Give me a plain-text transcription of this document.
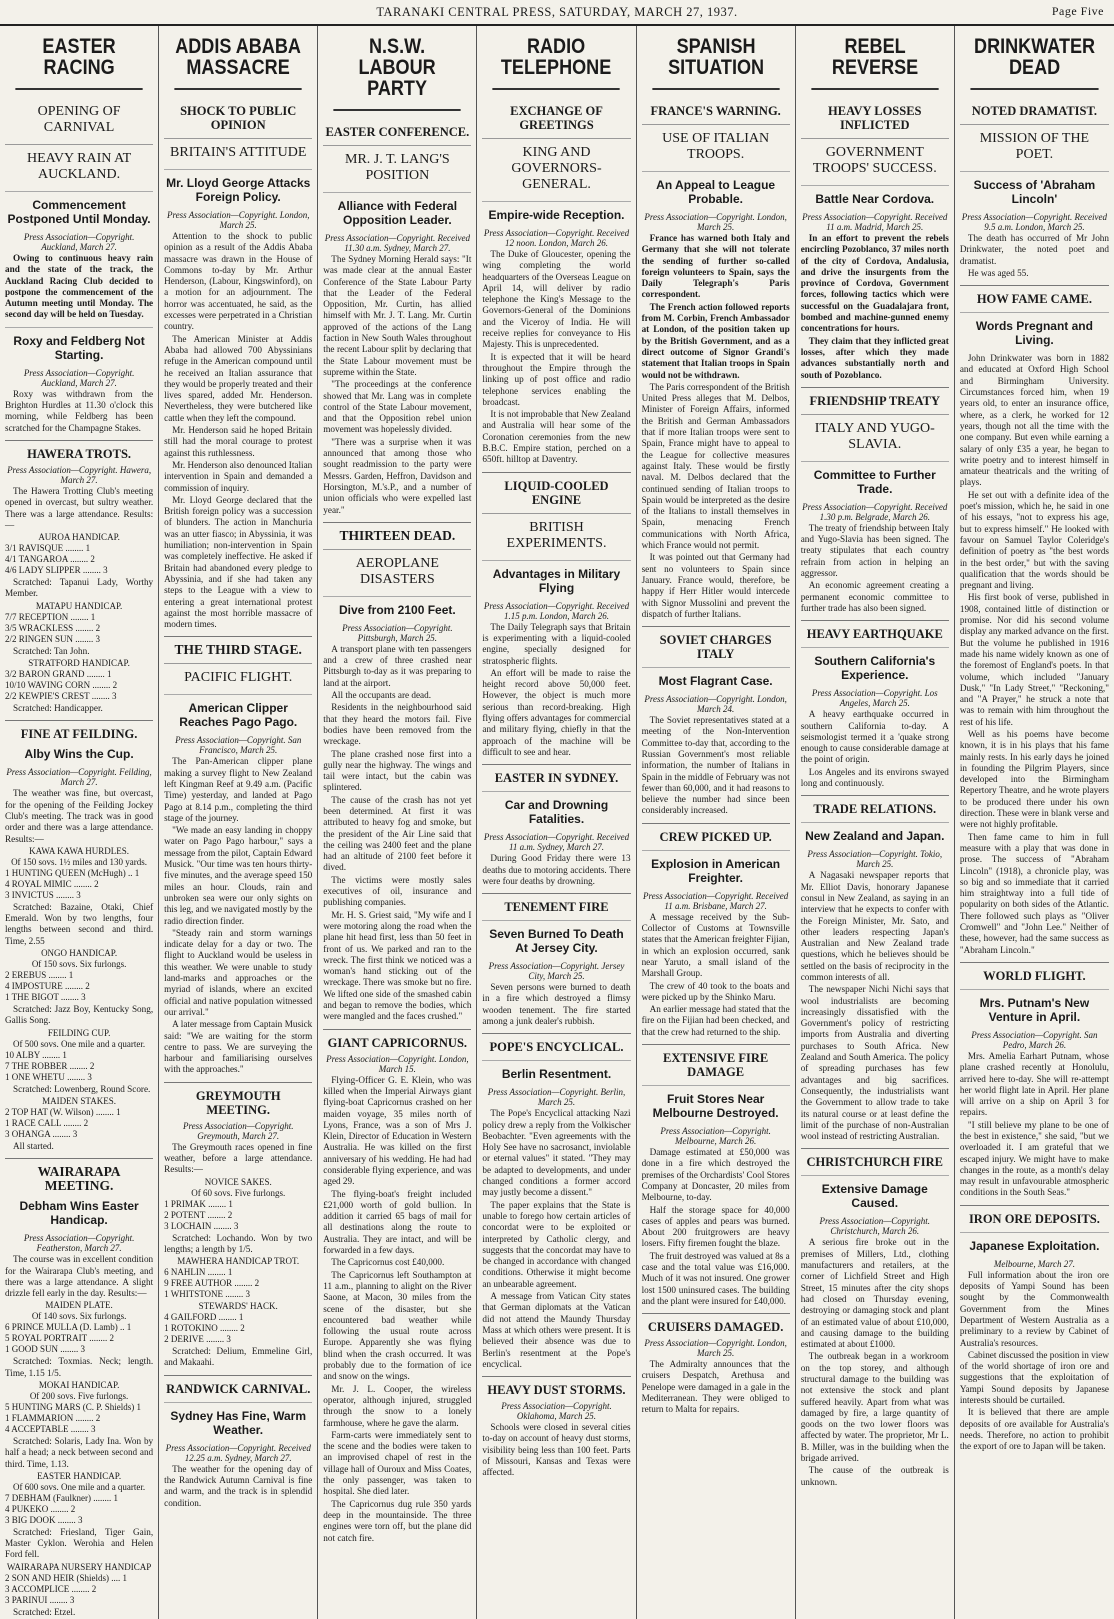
TARANAKI CENTRAL PRESS, SATURDAY, MARCH 27, 1937.	Page Five
EASTER RACING
OPENING OF CARNIVAL
HEAVY RAIN AT AUCKLAND.
Commencement Postponed Until Monday.
Press Association—Copyright. Auckland, March 27.

Owing to continuous heavy rain and the state of the track, the Auckland Racing Club decided to postpone the commencement of the Autumn meeting until Monday. The second day will be held on Tuesday.

Roxy and Feldberg Not Starting.
Press Association—Copyright. Auckland, March 27.

Roxy was withdrawn from the Brighton Hurdles at 11.30 o'clock this morning, while Feldberg has been scratched for the Champagne Stakes.

HAWERA TROTS.
Press Association—Copyright. Hawera, March 27.

The Hawera Trotting Club's meeting opened in overcast, but sultry weather. There was a large attendance. Results:—

AUROA HANDICAP.

3/1 RAVISQUE ........ 1

4/1 TANGAROA ........ 2

4/6 LADY SLIPPER ........ 3

Scratched: Tapanui Lady, Worthy Member.

MATAPU HANDICAP.

7/7 RECEPTION ........ 1

3/5 WRACKLESS ........ 2

2/2 RINGEN SUN ........ 3

Scratched: Tan John.

STRATFORD HANDICAP.

3/2 BARON GRAND ........ 1

10/10 WAVING CORN ........ 2

2/2 KEWPIE'S CREST ........ 3

Scratched: Handicapper.

FINE AT FEILDING.
Alby Wins the Cup.
Press Association—Copyright. Feilding, March 27.

The weather was fine, but overcast, for the opening of the Feilding Jockey Club's meeting. The track was in good order and there was a large attendance. Results:—

KAWA KAWA HURDLES.

Of 150 sovs. 1½ miles and 130 yards.

1 HUNTING QUEEN (McHugh) .. 1

4 ROYAL MIMIC ........ 2

3 INVICTUS ........ 3

Scratched: Bazaine, Otaki, Chief Emerald. Won by two lengths, four lengths between second and third. Time, 2.55

ONGO HANDICAP.

Of 150 sovs. Six furlongs.

2 EREBUS ........ 1

4 IMPOSTURE ........ 2

1 THE BIGOT ........ 3

Scratched: Jazz Boy, Kentucky Song, Gallis Song.

FEILDING CUP.

Of 500 sovs. One mile and a quarter.

10 ALBY ........ 1

7 THE ROBBER ........ 2

1 ONE WHETU ........ 3

Scratched: Lowenberg, Round Score.

MAIDEN STAKES.

2 TOP HAT (W. Wilson) ........ 1

1 RACE CALL ........ 2

3 OHANGA ........ 3

All started.

WAIRARAPA MEETING.
Debham Wins Easter Handicap.
Press Association—Copyright. Featherston, March 27.

The course was in excellent condition for the Wairarapa Club's meeting, and there was a large attendance. A slight drizzle fell early in the day. Results:—

MAIDEN PLATE.

Of 140 sovs. Six furlongs.

6 PRINCE MULLA (D. Lamb) .. 1

5 ROYAL PORTRAIT ........ 2

1 GOOD SUN ........ 3

Scratched: Toxmias. Neck; length. Time, 1.15 1/5.

MOKAI HANDICAP.

Of 200 sovs. Five furlongs.

5 HUNTING MARS (C. P. Shields) 1

1 FLAMMARION ........ 2

4 ACCEPTABLE ........ 3

Scratched: Solaris, Lady Ina. Won by half a head; a neck between second and third. Time, 1.13.

EASTER HANDICAP.

Of 600 sovs. One mile and a quarter.

7 DEBHAM (Faulkner) ........ 1

4 PUKEKO ........ 2

3 BIG DOOK ........ 3

Scratched: Friesland, Tiger Gain, Master Cyklon. Werohia and Helen Ford fell.

WAIRARAPA NURSERY HANDICAP

2 SON AND HEIR (Shields) .... 1

3 ACCOMPLICE ........ 2

3 PARINUI ........ 3

Scratched: Etzel.

ADDIS ABABA MASSACRE
SHOCK TO PUBLIC OPINION
BRITAIN'S ATTITUDE
Mr. Lloyd George Attacks Foreign Policy.
Press Association—Copyright. London, March 25.

Attention to the shock to public opinion as a result of the Addis Ababa massacre was drawn in the House of Commons to-day by Mr. Arthur Henderson, (Labour, Kingswinford), on a motion for an adjournment. The horror was accentuated, he said, as the excesses were perpetrated in a Christian country.

The American Minister at Addis Ababa had allowed 700 Abyssinians refuge in the American compound until he received an Italian assurance that they would be properly treated and their lives spared, added Mr. Henderson. Nevertheless, they were butchered like cattle when they left the compound.

Mr. Henderson said he hoped Britain still had the moral courage to protest against this ruthlessness.

Mr. Henderson also denounced Italian intervention in Spain and demanded a commission of inquiry.

Mr. Lloyd George declared that the British foreign policy was a succession of blunders. The action in Manchuria was an utter fiasco; in Abyssinia, it was humiliation; non-intervention in Spain was completely ineffective. He asked if Britain had abandoned every pledge to Abyssinia, and if she had taken any steps to the League with a view to entering a great international protest against the most horrible massacre of modern times.

THE THIRD STAGE.
PACIFIC FLIGHT.
American Clipper Reaches Pago Pago.
Press Association—Copyright. San Francisco, March 25.

The Pan-American clipper plane making a survey flight to New Zealand left Kingman Reef at 9.49 a.m. (Pacific Time) yesterday, and landed at Pago Pago at 8.14 p.m., completing the third stage of the journey.

"We made an easy landing in choppy water on Pago Pago harbour," says a message from the pilot, Captain Edward Musick. "Our time was ten hours thirty-five minutes, and the average speed 150 miles an hour. Clouds, rain and unbroken sea were our only sights on this leg, and we navigated mostly by the radio direction finder.

"Steady rain and storm warnings indicate delay for a day or two. The flight to Auckland would be useless in this weather. We were unable to study land-marks and approaches or the myriad of islands, where an excited official and native population witnessed our arrival."

A later message from Captain Musick said: "We are waiting for the storm centre to pass. We are surveying the harbour and familiarising ourselves with the approaches."

GREYMOUTH MEETING.
Press Association—Copyright. Greymouth, March 27.

The Greymouth races opened in fine weather, before a large attendance. Results:—

NOVICE SAKES.

Of 60 sovs. Five furlongs.

1 PRIMAK ........ 1

2 POTENT ........ 2

3 LOCHAIN ........ 3

Scratched: Lochando. Won by two lengths; a length by 1/5.

MAWHERA HANDICAP TROT.

6 NAHLIN ........ 1

9 FREE AUTHOR ........ 2

1 WHITSTONE ........ 3

STEWARDS' HACK.

4 GAILFORD ........ 1

1 ROTOKINO ........ 2

2 DERIVE ........ 3

Scratched: Delium, Emmeline Girl, and Makaahi.

RANDWICK CARNIVAL.
Sydney Has Fine, Warm Weather.
Press Association—Copyright. Received 12.25 a.m. Sydney, March 27.

The weather for the opening day of the Randwick Autumn Carnival is fine and warm, and the track is in splendid condition.

N.S.W. LABOUR PARTY
EASTER CONFERENCE.
MR. J. T. LANG'S POSITION
Alliance with Federal Opposition Leader.
Press Association—Copyright. Received 11.30 a.m. Sydney, March 27.

The Sydney Morning Herald says: "It was made clear at the annual Easter Conference of the State Labour Party that the Leader of the Federal Opposition, Mr. Curtin, has allied himself with Mr. J. T. Lang. Mr. Curtin approved of the actions of the Lang faction in New South Wales throughout the recent Labour split by declaring that the State Labour movement must be supreme within the State.

"The proceedings at the conference showed that Mr. Lang was in complete control of the State Labour movement, and that the Opposition rebel union movement was hopelessly divided.

"There was a surprise when it was announced that among those who sought readmission to the party were Messrs. Garden, Heffron, Davidson and Horsington, M.'s.P., and a number of union officials who were expelled last year."

THIRTEEN DEAD.
AEROPLANE DISASTERS
Dive from 2100 Feet.
Press Association—Copyright. Pittsburgh, March 25.

A transport plane with ten passengers and a crew of three crashed near Pittsburgh to-day as it was preparing to land at the airport.

All the occupants are dead.

Residents in the neighbourhood said that they heard the motors fail. Five bodies have been removed from the wreckage.

The plane crashed nose first into a gully near the highway. The wings and tail were intact, but the cabin was splintered.

The cause of the crash has not yet been determined. At first it was attributed to heavy fog and smoke, but the president of the Air Line said that the ceiling was 2400 feet and the plane had an altitude of 2100 feet before it dived.

The victims were mostly sales executives of oil, insurance and publishing companies.

Mr. H. S. Griest said, "My wife and I were motoring along the road when the plane hit head first, less than 50 feet in front of us. We parked and ran to the wreck. The first think we noticed was a woman's hand sticking out of the wreckage. There was smoke but no fire. We lifted one side of the smashed cabin and began to remove the bodies, which were mangled and the faces crushed."

GIANT CAPRICORNUS.
Press Association—Copyright. London, March 15.

Flying-Officer G. E. Klein, who was killed when the Imperial Airways giant flying-boat Capricornus crashed on her maiden voyage, 35 miles north of Lyons, France, was a son of Mrs J. Klein, Director of Education in Western Australia. He was killed on the first anniversary of his wedding. He had had considerable flying experience, and was aged 29.

The flying-boat's freight included £21,000 worth of gold bullion. In addition it carried 65 bags of mail for all destinations along the route to Australia. They are intact, and will be forwarded in a few days.

The Capricornus cost £40,000.

The Capricornus left Southampton at 11 a.m., planning to alight on the River Saone, at Macon, 30 miles from the scene of the disaster, but she encountered bad weather while following the usual route across Europe. Apparently she was flying blind when the crash occurred. It was probably due to the formation of ice and snow on the wings.

Mr. J. L. Cooper, the wireless operator, although injured, struggled through the snow to a lonely farmhouse, where he gave the alarm.

Farm-carts were immediately sent to the scene and the bodies were taken to an improvised chapel of rest in the village hall of Ouroux and Miss Coates, the only passenger, was taken to hospital. She died later.

The Capricornus dug rule 350 yards deep in the mountainside. The three engines were torn off, but the plane did not catch fire.

RADIO TELEPHONE
EXCHANGE OF GREETINGS
KING AND GOVERNORS-GENERAL.
Empire-wide Reception.
Press Association—Copyright. Received 12 noon. London, March 26.

The Duke of Gloucester, opening the wing completing the world headquarters of the Overseas League on April 14, will deliver by radio telephone the King's Message to the Governors-General of the Dominions and the Viceroy of India. He will receive replies for conveyance to His Majesty. This is unprecedented.

It is expected that it will be heard throughout the Empire through the linking up of post office and radio telephone services enabling the broadcast.

It is not improbable that New Zealand and Australia will hear some of the Coronation ceremonies from the new B.B.C. Empire station, perched on a 650ft. hilltop at Daventry.

LIQUID-COOLED ENGINE
BRITISH EXPERIMENTS.
Advantages in Military Flying
Press Association—Copyright. Received 1.15 p.m. London, March 26.

The Daily Telegraph says that Britain is experimenting with a liquid-cooled engine, specially designed for stratospheric flights.

An effort will be made to raise the height record above 50,000 feet. However, the object is much more serious than record-breaking. High flying offers advantages for commercial and military flying, chiefly in that the approach of the machine will be difficult to see and hear.

EASTER IN SYDNEY.
Car and Drowning Fatalities.
Press Association—Copyright. Received 11 a.m. Sydney, March 27.

During Good Friday there were 13 deaths due to motoring accidents. There were four deaths by drowning.

TENEMENT FIRE
Seven Burned To Death At Jersey City.
Press Association—Copyright. Jersey City, March 25.

Seven persons were burned to death in a fire which destroyed a flimsy wooden tenement. The fire started among a junk dealer's rubbish.

POPE'S ENCYCLICAL.
Berlin Resentment.
Press Association—Copyright. Berlin, March 25.

The Pope's Encyclical attacking Nazi policy drew a reply from the Volkischer Beobachter. "Even agreements with the Holy See have no sacrosanct, inviolable or eternal values" it stated. "They may be adapted to developments, and under changed conditions a former accord may justly become a dissent."

The paper explains that the State is unable to forego how certain articles of concordat were to be exploited or interpreted by Catholic clergy, and suggests that the concordat may have to be changed in accordance with changed conditions. Otherwise it might become an unbearable agreement.

A message from Vatican City states that German diplomats at the Vatican did not attend the Maundy Thursday Mass at which others were present. It is believed their absence was due to Berlin's resentment at the Pope's encyclical.

HEAVY DUST STORMS.
Press Association—Copyright. Oklahoma, March 25.

Schools were closed in several cities to-day on account of heavy dust storms, visibility being less than 100 feet. Parts of Missouri, Kansas and Texas were affected.

SPANISH SITUATION
FRANCE'S WARNING.
USE OF ITALIAN TROOPS.
An Appeal to League Probable.
Press Association—Copyright. London, March 25.

France has warned both Italy and Germany that she will not tolerate the sending of further so-called foreign volunteers to Spain, says the Daily Telegraph's Paris correspondent.

The French action followed reports from M. Corbin, French Ambassador at London, of the position taken up by the British Government, and as a direct outcome of Signor Grandi's statement that Italian troops in Spain would not be withdrawn.

The Paris correspondent of the British United Press alleges that M. Delbos, Minister of Foreign Affairs, informed the British and German Ambassadors that if more Italian troops were sent to Spain, France might have to appeal to the League for collective measures against Italy. These would be firstly naval. M. Delbos declared that the continued sending of Italian troops to Spain would be interpreted as the desire of the Italians to install themselves in Spain, menacing French communications with North Africa, which France would not permit.

It was pointed out that Germany had sent no volunteers to Spain since January. France would, therefore, be happy if Herr Hitler would intercede with Signor Mussolini and prevent the dispatch of further Italians.

SOVIET CHARGES ITALY
Most Flagrant Case.
Press Association—Copyright. London, March 24.

The Soviet representatives stated at a meeting of the Non-Intervention Committee to-day that, according to the Russian Government's most reliable information, the number of Italians in Spain in the middle of February was not fewer than 60,000, and it had reasons to believe the number had since been considerably increased.

CREW PICKED UP.
Explosion in American Freighter.
Press Association—Copyright. Received 11 a.m. Brisbane, March 27.

A message received by the Sub-Collector of Customs at Townsville states that the American freighter Fijian, in which an explosion occurred, sank near Yaruto, a small island of the Marshall Group.

The crew of 40 took to the boats and were picked up by the Shinko Maru.

An earlier message had stated that the fire on the Fijian had been checked, and that the crew had returned to the ship.

EXTENSIVE FIRE DAMAGE
Fruit Stores Near Melbourne Destroyed.
Press Association—Copyright. Melbourne, March 26.

Damage estimated at £50,000 was done in a fire which destroyed the premises of the Orchardists' Cool Stores Company at Doncaster, 20 miles from Melbourne, to-day.

Half the storage space for 40,000 cases of apples and pears was burned. About 200 fruitgrowers are heavy losers. Fifty firemen fought the blaze.

The fruit destroyed was valued at 8s a case and the total value was £16,000. Much of it was not insured. One grower lost 1500 uninsured cases. The building and the plant were insured for £40,000.

CRUISERS DAMAGED.
Press Association—Copyright. London, March 25.

The Admiralty announces that the cruisers Despatch, Arethusa and Penelope were damaged in a gale in the Mediterranean. They were obliged to return to Malta for repairs.

REBEL REVERSE
HEAVY LOSSES INFLICTED
GOVERNMENT TROOPS' SUCCESS.
Battle Near Cordova.
Press Association—Copyright. Received 11 a.m. Madrid, March 25.

In an effort to prevent the rebels encircling Pozoblanco, 37 miles north of the city of Cordova, Andalusia, and drive the insurgents from the province of Cordova, Government forces, following tactics which were successful on the Guadalajara front, bombed and machine-gunned enemy concentrations for hours.

They claim that they inflicted great losses, after which they made advances substantially north and south of Pozoblanco.

FRIENDSHIP TREATY
ITALY AND YUGO-SLAVIA.
Committee to Further Trade.
Press Association—Copyright. Received 1.30 p.m. Belgrade, March 26.

The treaty of friendship between Italy and Yugo-Slavia has been signed. The treaty stipulates that each country refrain from action in helping an aggressor.

An economic agreement creating a permanent economic committee to further trade has also been signed.

HEAVY EARTHQUAKE
Southern California's Experience.
Press Association—Copyright. Los Angeles, March 25.

A heavy earthquake occurred in southern California to-day. A seismologist termed it a 'quake strong enough to cause considerable damage at the point of origin.

Los Angeles and its environs swayed long and continuously.

TRADE RELATIONS.
New Zealand and Japan.
Press Association—Copyright. Tokio, March 25.

A Nagasaki newspaper reports that Mr. Elliot Davis, honorary Japanese consul in New Zealand, as saying in an interview that he expects to confer with the Foreign Minister, Mr. Sato, and other leaders respecting Japan's Australian and New Zealand trade questions, which he believes should be settled on the basis of reciprocity in the common interests of all.

The newspaper Nichi Nichi says that wool industrialists are becoming increasingly dissatisfied with the Government's policy of restricting imports from Australia and diverting purchases to South Africa. New Zealand and South America. The policy of spreading purchases has few advantages and big sacrifices. Consequently, the industrialists want the Government to allow trade to take its natural course or at least define the limit of the purchase of non-Australian wool instead of restricting Australian.

CHRISTCHURCH FIRE
Extensive Damage Caused.
Press Association—Copyright. Christchurch, March 26.

A serious fire broke out in the premises of Millers, Ltd., clothing manufacturers and retailers, at the corner of Lichfield Street and High Street, 15 minutes after the city shops had closed on Thursday evening, destroying or damaging stock and plant of an estimated value of about £10,000, and causing damage to the building estimated at about £1000.

The outbreak began in a workroom on the top storey, and although structural damage to the building was not extensive the stock and plant suffered heavily. Apart from what was damaged by fire, a large quantity of goods on the two lower floors was affected by water. The proprietor, Mr L. B. Miller, was in the building when the brigade arrived.

The cause of the outbreak is unknown.

DRINKWATER DEAD
NOTED DRAMATIST.
MISSION OF THE POET.
Success of 'Abraham Lincoln'
Press Association—Copyright. Received 9.5 a.m. London, March 25.

The death has occurred of Mr John Drinkwater, the noted poet and dramatist.

He was aged 55.

HOW FAME CAME.
Words Pregnant and Living.

John Drinkwater was born in 1882 and educated at Oxford High School and Birmingham University. Circumstances forced him, when 19 years old, to enter an insurance office, where, as a clerk, he worked for 12 years, though not all the time with the one company. But even while earning a salary of only £35 a year, he began to write poetry and to interest himself in amateur theatricals and the writing of plays.

He set out with a definite idea of the poet's mission, which he, he said in one of his essays, "not to express his age, but to express himself." He looked with favour on Samuel Taylor Coleridge's definition of poetry as "the best words in the best order," but with the saving qualification that the words should be pregnant and living.

His first book of verse, published in 1908, contained little of distinction or promise. Nor did his second volume display any marked advance on the first. But the volume he published in 1916 made his name widely known as one of the foremost of England's poets. In that volume, which included "January Dusk," "In Lady Street," "Reckoning," and "A Prayer," he struck a note that was to remain with him throughout the rest of his life.

Well as his poems have become known, it is in his plays that his fame mainly rests. In his early days he joined in founding the Pilgrim Players, since developed into the Birmingham Repertory Theatre, and he wrote players to be produced there under his own direction. These were in blank verse and were not highly profitable.

Then fame came to him in full measure with a play that was done in prose. The success of "Abraham Lincoln" (1918), a chronicle play, was so big and so immediate that it carried him straightway into a full tide of popularity on both sides of the Atlantic. There followed such plays as "Oliver Cromwell" and "John Lee." Neither of these, however, had the same success as "Abraham Lincoln."

WORLD FLIGHT.
Mrs. Putnam's New Venture in April.
Press Association—Copyright. San Pedro, March 26.

Mrs. Amelia Earhart Putnam, whose plane crashed recently at Honolulu, arrived here to-day. She will re-attempt her world flight late in April. Her plane will arrive on a ship on April 3 for repairs.

"I still believe my plane to be one of the best in existence," she said, "but we overloaded it. I am grateful that we escaped injury. We might have to make changes in the route, as a month's delay may result in unfavourable atmospheric conditions in the South Seas."

IRON ORE DEPOSITS.
Japanese Exploitation.
Melbourne, March 27.

Full information about the iron ore deposits of Yampi Sound has been sought by the Commonwealth Government from the Mines Department of Western Australia as a preliminary to a review by Cabinet of Australia's resources.

Cabinet discussed the position in view of the world shortage of iron ore and suggestions that the exploitation of Yampi Sound deposits by Japanese interests should be curtailed.

It is believed that there are ample deposits of ore available for Australia's needs. Therefore, no action to prohibit the export of ore to Japan will be taken.
